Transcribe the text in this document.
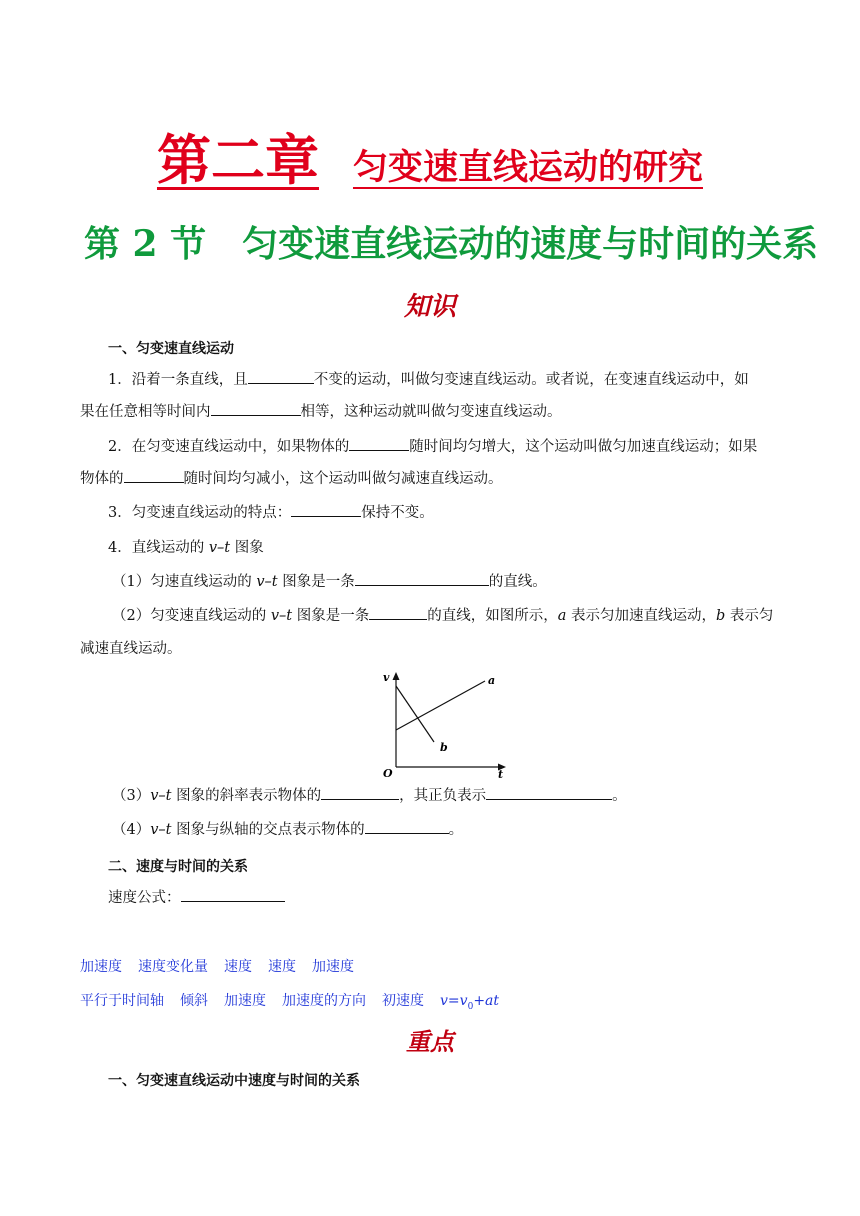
第二章 匀变速直线运动的研究
第 2 节　匀变速直线运动的速度与时间的关系
知识
一、匀变速直线运动
1．沿着一条直线，且	不变的运动，叫做匀变速直线运动。或者说，在变速直线运动中，如
果在任意相等时间内	相等，这种运动就叫做匀变速直线运动。
2．在匀变速直线运动中，如果物体的	随时间均匀增大，这个运动叫做匀加速直线运动；如果
物体的	随时间均匀减小，这个运动叫做匀减速直线运动。
3．匀变速直线运动的特点：	保持不变。
4．直线运动的 v–t 图象
（1）匀速直线运动的 v–t 图象是一条	的直线。
（2）匀变速直线运动的 v–t 图象是一条	的直线，如图所示，a 表示匀加速直线运动，b 表示匀
减速直线运动。
v
O	t
a
b
（3）v–t 图象的斜率表示物体的	，其正负表示	。
（4）v–t 图象与纵轴的交点表示物体的	。
二、速度与时间的关系
速度公式：
加速度 速度变化量 速度 速度 加速度
平行于时间轴 倾斜 加速度 加速度的方向 初速度 $v=v_0+at$
重点
一、匀变速直线运动中速度与时间的关系
